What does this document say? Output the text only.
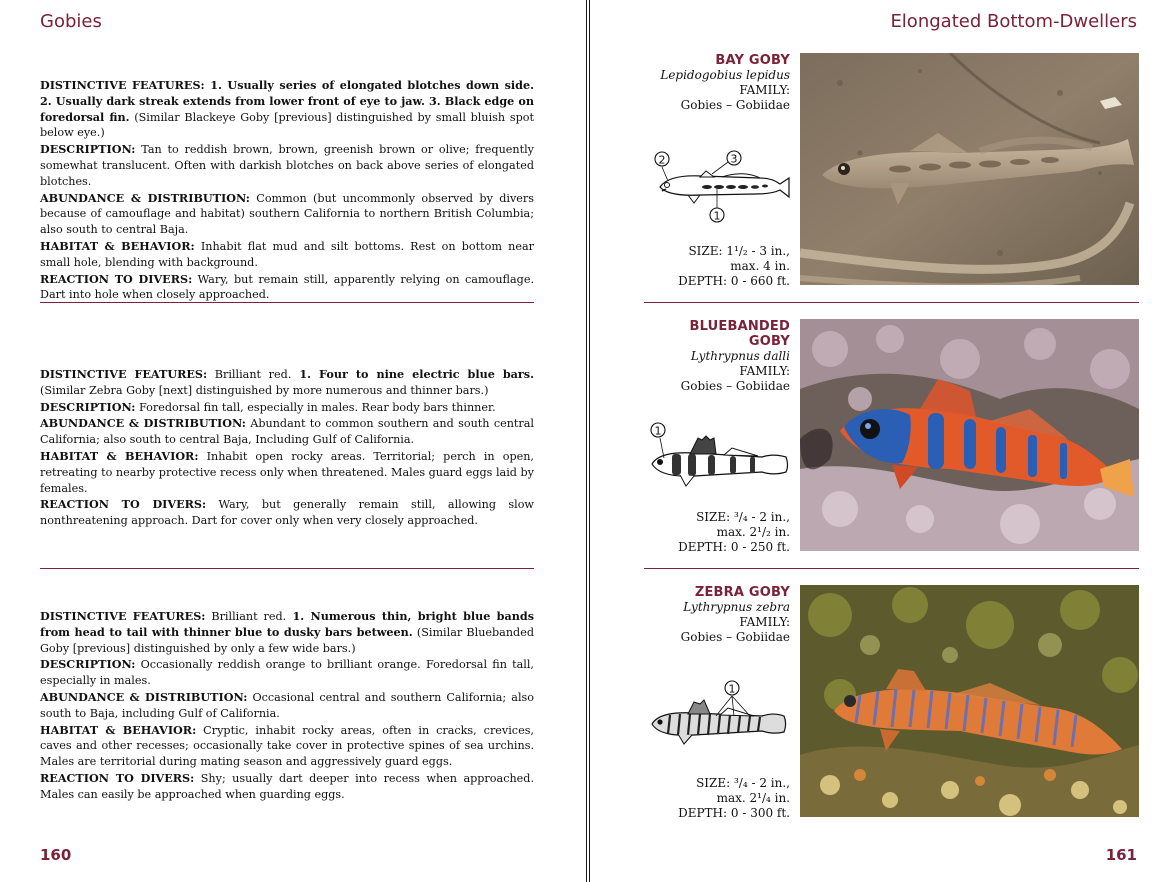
Gobies

DISTINCTIVE FEATURES: 1. Usually series of elongated blotches down side. 2. Usually dark streak extends from lower front of eye to jaw. 3. Black edge on foredorsal fin. (Similar Blackeye Goby [previous] distinguished by small bluish spot below eye.)

DESCRIPTION: Tan to reddish brown, brown, greenish brown or olive; frequently somewhat translucent. Often with darkish blotches on back above series of elongated blotches.

ABUNDANCE & DISTRIBUTION: Common (but uncommonly observed by divers because of camouflage and habitat) southern California to northern British Columbia; also south to central Baja.

HABITAT & BEHAVIOR: Inhabit flat mud and silt bottoms. Rest on bottom near small hole, blending with background.

REACTION TO DIVERS: Wary, but remain still, apparently relying on camouflage. Dart into hole when closely approached.

DISTINCTIVE FEATURES: Brilliant red. 1. Four to nine electric blue bars. (Similar Zebra Goby [next] distinguished by more numerous and thinner bars.)

DESCRIPTION: Foredorsal fin tall, especially in males. Rear body bars thinner.

ABUNDANCE & DISTRIBUTION: Abundant to common southern and south central California; also south to central Baja, Including Gulf of California.

HABITAT & BEHAVIOR: Inhabit open rocky areas. Territorial; perch in open, retreating to nearby protective recess only when threatened. Males guard eggs laid by females.

REACTION TO DIVERS: Wary, but generally remain still, allowing slow nonthreatening approach. Dart for cover only when very closely approached.

DISTINCTIVE FEATURES: Brilliant red. 1. Numerous thin, bright blue bands from head to tail with thinner blue to dusky bars between. (Similar Bluebanded Goby [previous] distinguished by only a few wide bars.)

DESCRIPTION: Occasionally reddish orange to brilliant orange. Foredorsal fin tall, especially in males.

ABUNDANCE & DISTRIBUTION: Occasional central and southern California; also south to Baja, including Gulf of California.

HABITAT & BEHAVIOR: Cryptic, inhabit rocky areas, often in cracks, crevices, caves and other recesses; occasionally take cover in protective spines of sea urchins. Males are territorial during mating season and aggressively guard eggs.

REACTION TO DIVERS: Shy; usually dart deeper into recess when approached. Males can easily be approached when guarding eggs.

160
Elongated Bottom-Dwellers
BAY GOBY
Lepidogobius lepidus
FAMILY:
Gobies – Gobiidae
2	3
1
SIZE: 1¹/₂ - 3 in.,
max. 4 in.
DEPTH: 0 - 660 ft.
BLUEBANDED GOBY
Lythrypnus dalli
FAMILY:
Gobies – Gobiidae
1
SIZE: ³/₄ - 2 in.,
max. 2¹/₂ in.
DEPTH: 0 - 250 ft.
ZEBRA GOBY
Lythrypnus zebra
FAMILY:
Gobies – Gobiidae
1
SIZE: ³/₄ - 2 in.,
max. 2¹/₄ in.
DEPTH: 0 - 300 ft.
161
